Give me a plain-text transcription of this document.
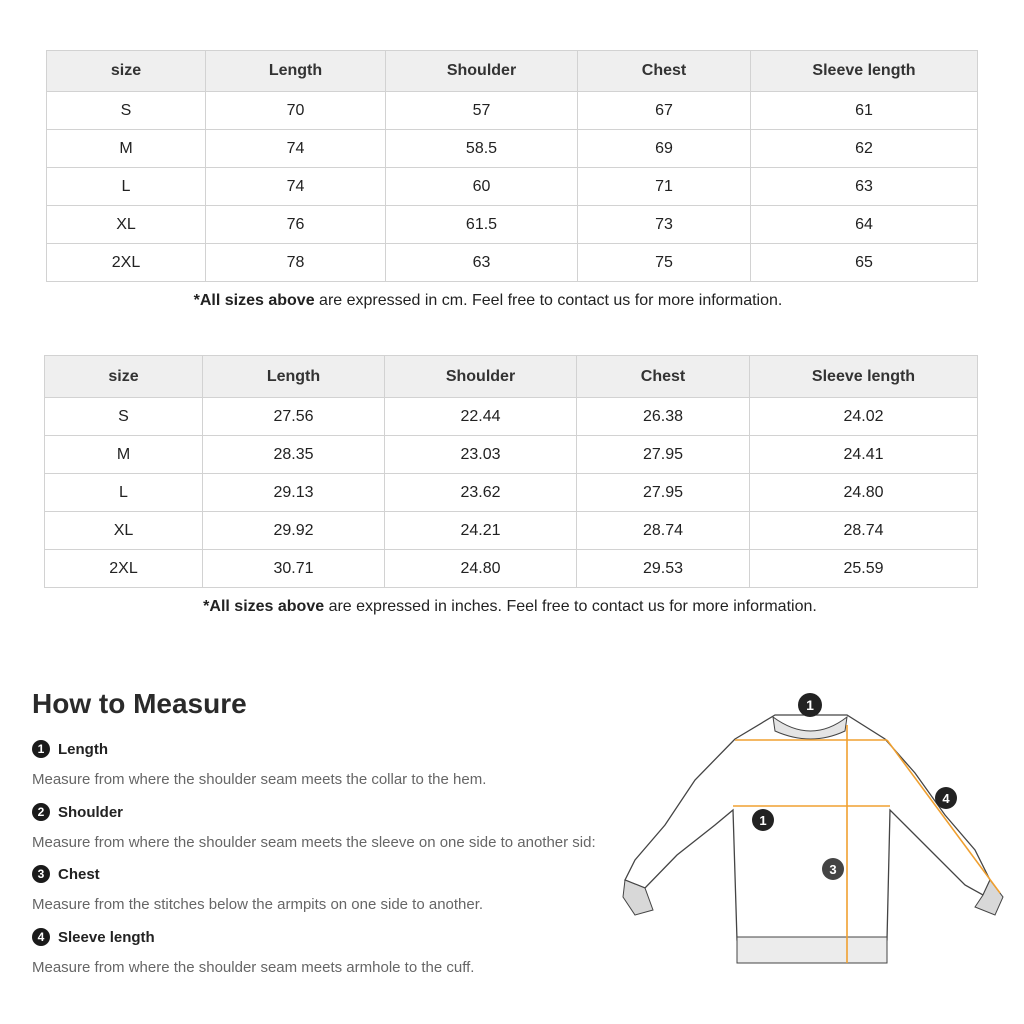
size	Length	Shoulder	Chest	Sleeve length
S	70	57	67	61
M	74	58.5	69	62
L	74	60	71	63
XL	76	61.5	73	64
2XL	78	63	75	65
*All sizes above are expressed in cm. Feel free to contact us for more information.
size	Length	Shoulder	Chest	Sleeve length
S	27.56	22.44	26.38	24.02
M	28.35	23.03	27.95	24.41
L	29.13	23.62	27.95	24.80
XL	29.92	24.21	28.74	28.74
2XL	30.71	24.80	29.53	25.59
*All sizes above are expressed in inches. Feel free to contact us for more information.
How to Measure
1 Length
Measure from where the shoulder seam meets the collar to the hem.
2 Shoulder
Measure from where the shoulder seam meets the sleeve on one side to another sid:
3 Chest
Measure from the stitches below the armpits on one side to another.
4 Sleeve length
Measure from where the shoulder seam meets armhole to the cuff.
1
1
3
4
